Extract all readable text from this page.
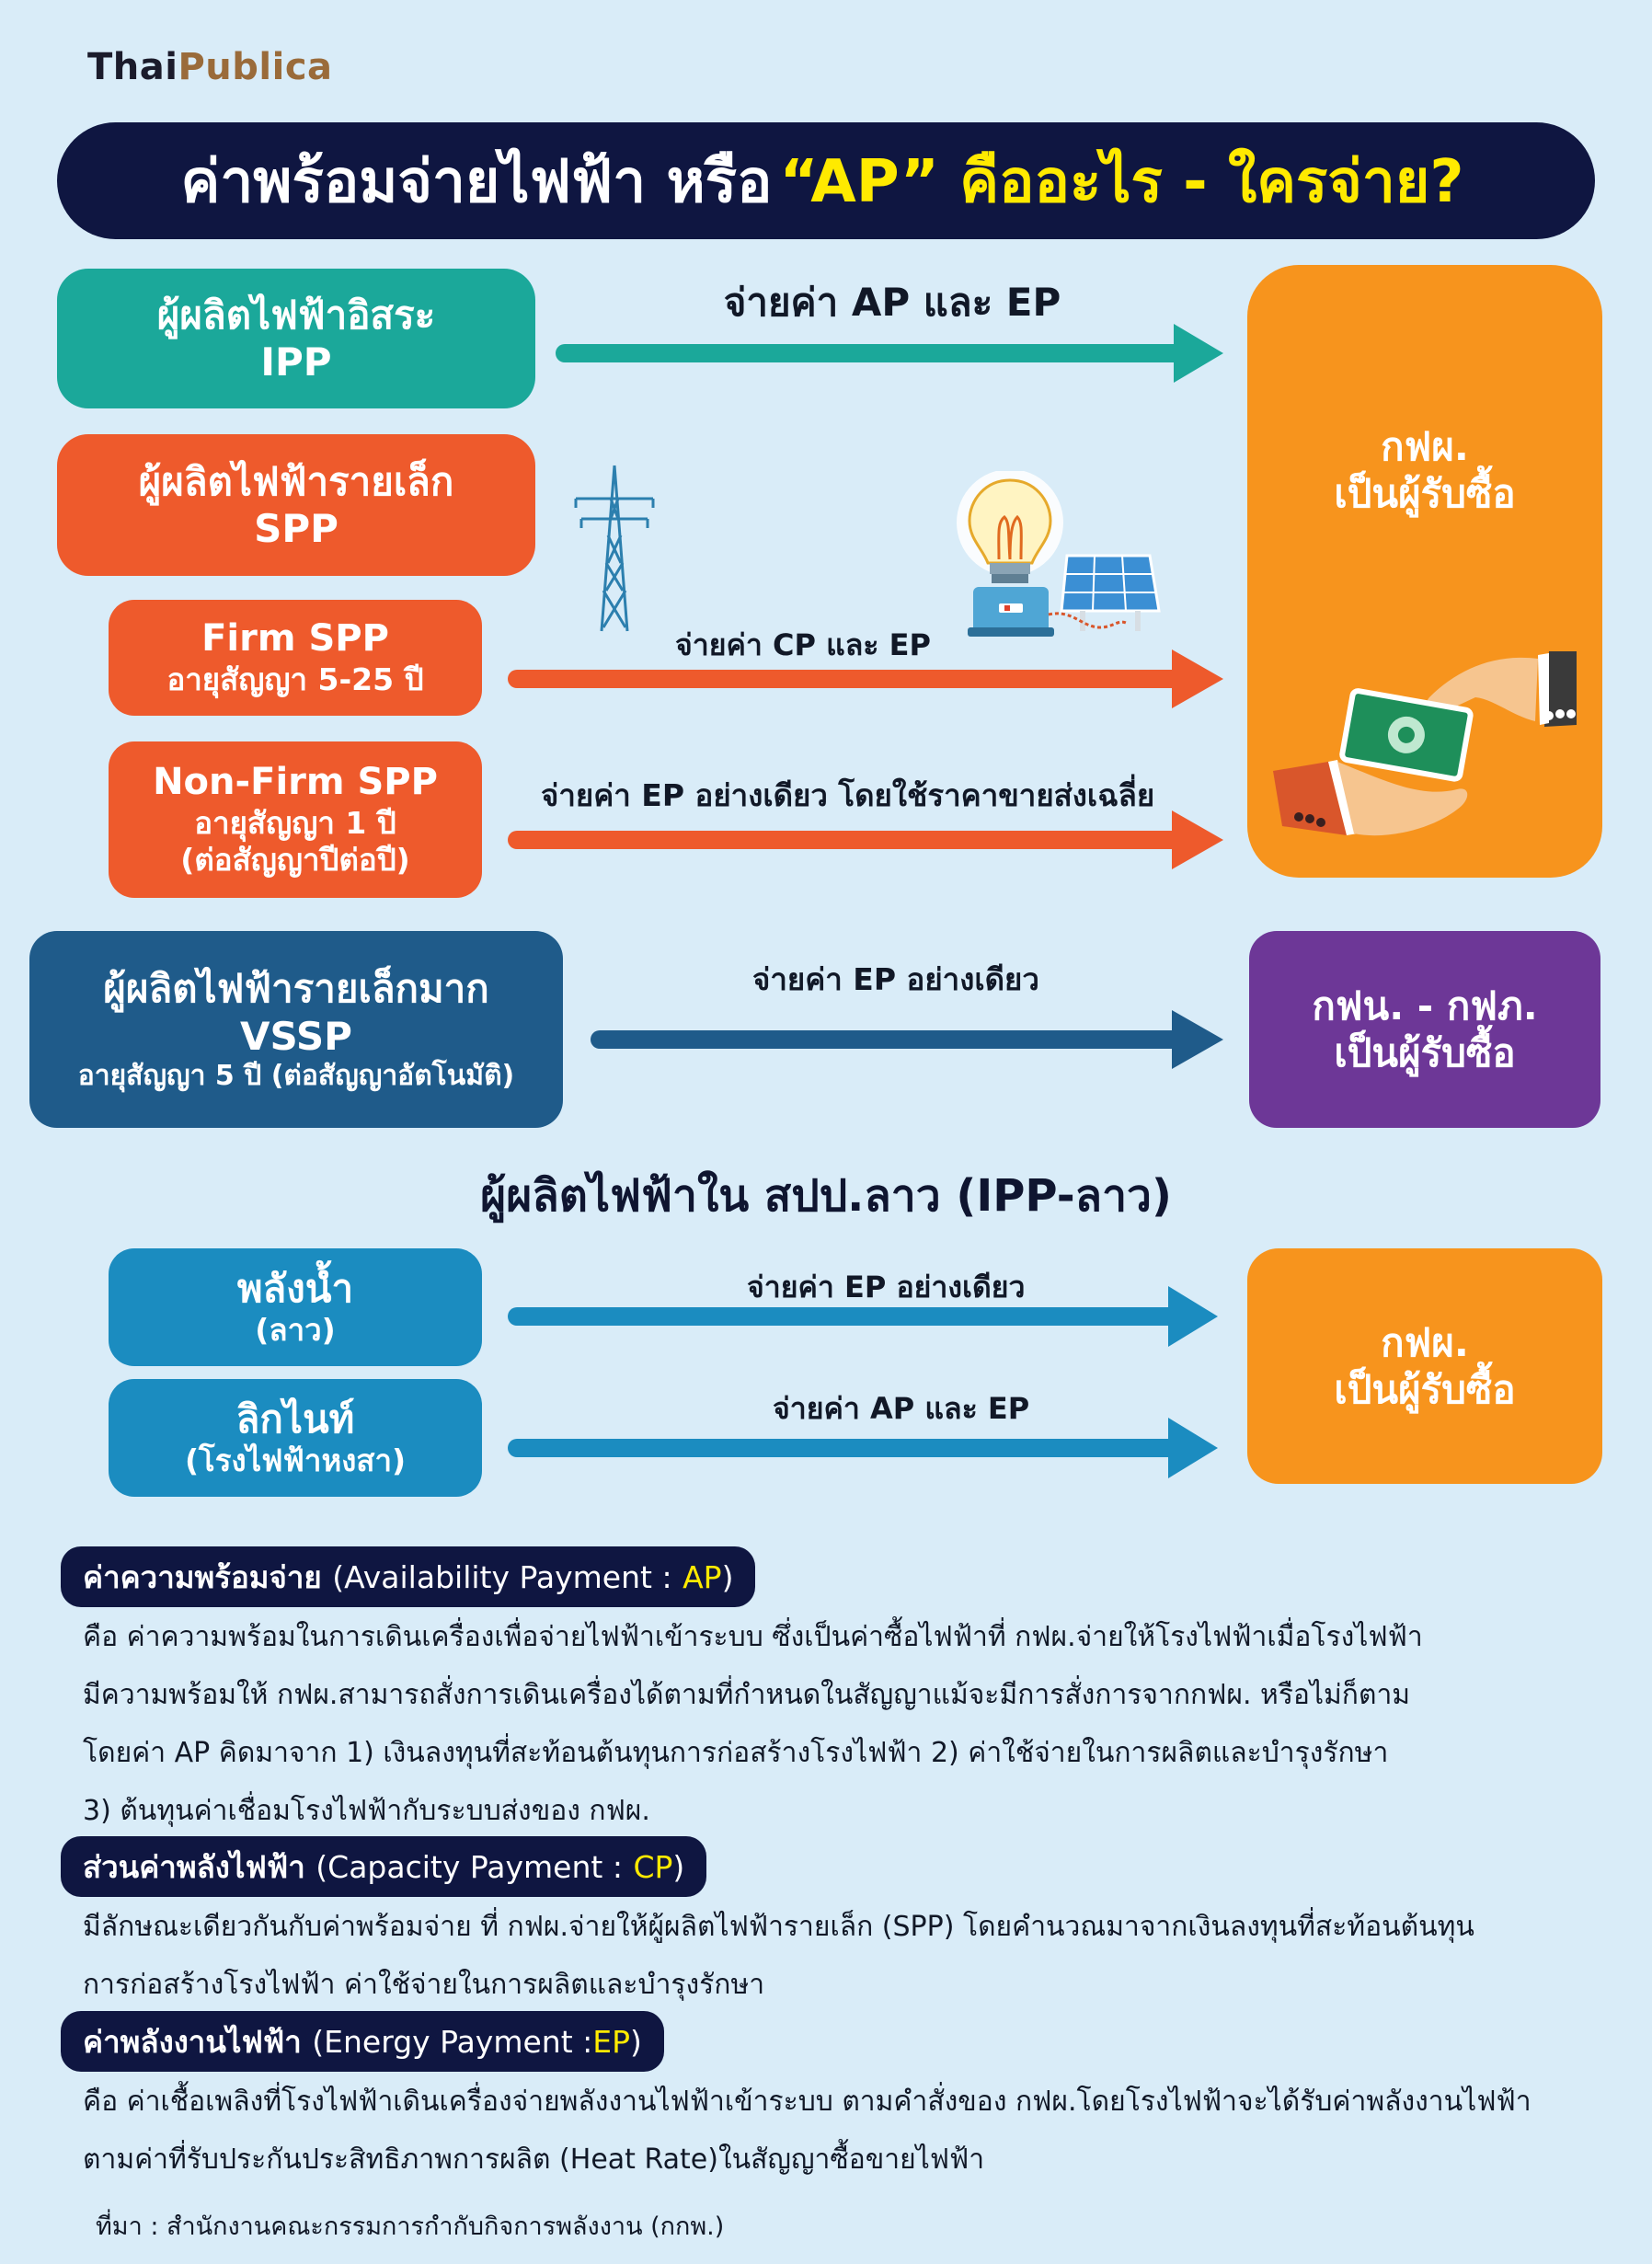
ThaiPublica
ค่าพร้อมจ่ายไฟฟ้า หรือ “AP” คืออะไร - ใครจ่าย?
ผู้ผลิตไฟฟ้าอิสระ
IPP
ผู้ผลิตไฟฟ้ารายเล็ก
SPP
Firm SPP
อายุสัญญา 5-25 ปี
Non-Firm SPP
อายุสัญญา 1 ปี
(ต่อสัญญาปีต่อปี)
ผู้ผลิตไฟฟ้ารายเล็กมาก
VSSP
อายุสัญญา 5 ปี (ต่อสัญญาอัตโนมัติ)
กฟผ.
เป็นผู้รับซื้อ
กฟน. - กฟภ.
เป็นผู้รับซื้อ
กฟผ.
เป็นผู้รับซื้อ
จ่ายค่า AP และ EP
จ่ายค่า CP และ EP
จ่ายค่า EP อย่างเดียว โดยใช้ราคาขายส่งเฉลี่ย
จ่ายค่า EP อย่างเดียว
จ่ายค่า EP อย่างเดียว
จ่ายค่า AP และ EP
ผู้ผลิตไฟฟ้าใน สปป.ลาว (IPP-ลาว)
พลังน้ำ
(ลาว)
ลิกไนท์
(โรงไฟฟ้าหงสา)
ค่าความพร้อมจ่าย
(Availability Payment :
AP )
คือ ค่าความพร้อมในการเดินเครื่องเพื่อจ่ายไฟฟ้าเข้าระบบ ซึ่งเป็นค่าซื้อไฟฟ้าที่ กฟผ.จ่ายให้โรงไฟฟ้าเมื่อโรงไฟฟ้า
มีความพร้อมให้ กฟผ.สามารถสั่งการเดินเครื่องได้ตามที่กำหนดในสัญญาแม้จะมีการสั่งการจากกฟผ. หรือไม่ก็ตาม
โดยค่า AP คิดมาจาก 1) เงินลงทุนที่สะท้อนต้นทุนการก่อสร้างโรงไฟฟ้า 2) ค่าใช้จ่ายในการผลิตและบำรุงรักษา
3) ต้นทุนค่าเชื่อมโรงไฟฟ้ากับระบบส่งของ กฟผ.
ส่วนค่าพลังไฟฟ้า
(Capacity Payment :
CP )
มีลักษณะเดียวกันกับค่าพร้อมจ่าย ที่ กฟผ.จ่ายให้ผู้ผลิตไฟฟ้ารายเล็ก (SPP) โดยคำนวณมาจากเงินลงทุนที่สะท้อนต้นทุน
การก่อสร้างโรงไฟฟ้า ค่าใช้จ่ายในการผลิตและบำรุงรักษา
ค่าพลังงานไฟฟ้า
(Energy Payment : EP )
คือ ค่าเชื้อเพลิงที่โรงไฟฟ้าเดินเครื่องจ่ายพลังงานไฟฟ้าเข้าระบบ ตามคำสั่งของ กฟผ.โดยโรงไฟฟ้าจะได้รับค่าพลังงานไฟฟ้า
ตามค่าที่รับประกันประสิทธิภาพการผลิต (Heat Rate)ในสัญญาซื้อขายไฟฟ้า
ที่มา : สำนักงานคณะกรรมการกำกับกิจการพลังงาน (กกพ.)
